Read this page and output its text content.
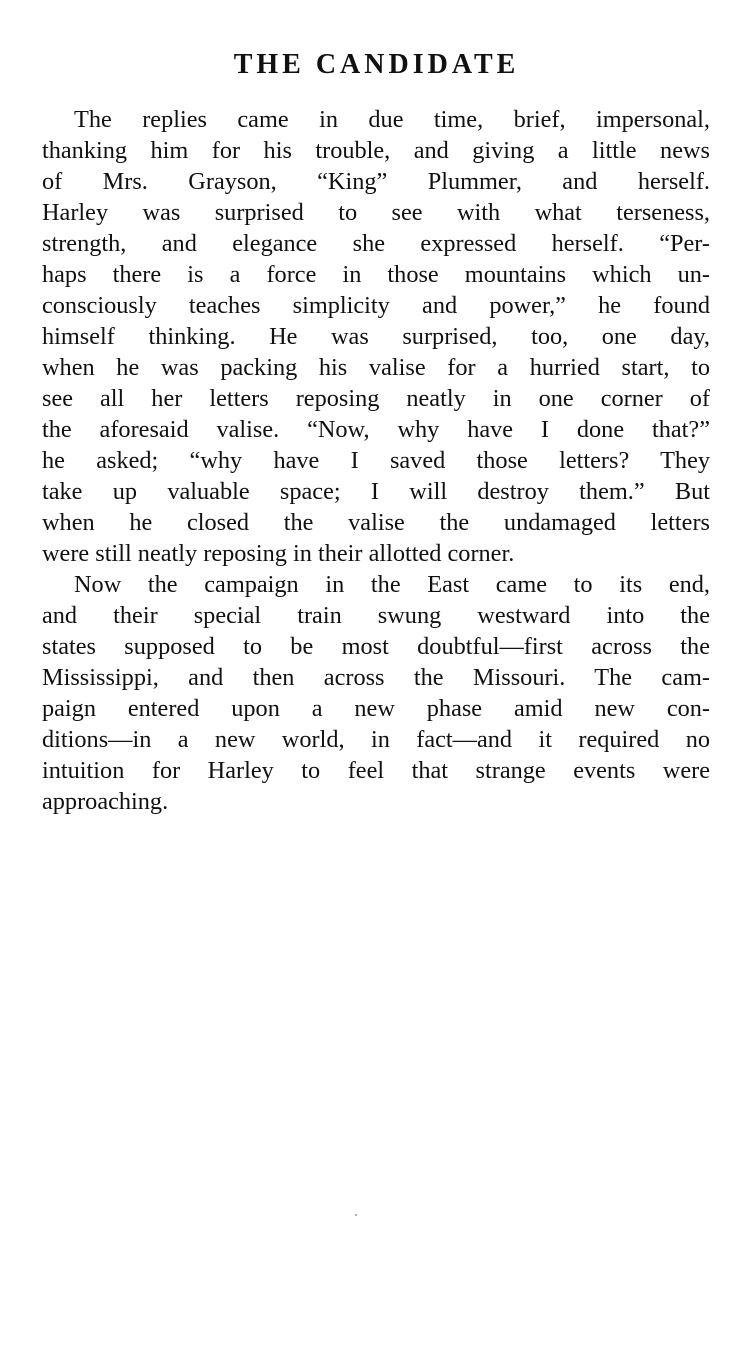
THE CANDIDATE
The replies came in due time, brief, impersonal,
thanking him for his trouble, and giving a little news
of Mrs. Grayson, “King” Plummer, and herself.
Harley was surprised to see with what terseness,
strength, and elegance she expressed herself. “Per-
haps there is a force in those mountains which un-
consciously teaches simplicity and power,” he found
himself thinking. He was surprised, too, one day,
when he was packing his valise for a hurried start, to
see all her letters reposing neatly in one corner of
the aforesaid valise. “Now, why have I done that?”
he asked; “why have I saved those letters? They
take up valuable space; I will destroy them.” But
when he closed the valise the undamaged letters
were still neatly reposing in their allotted corner.
Now the campaign in the East came to its end,
and their special train swung westward into the
states supposed to be most doubtful—first across the
Mississippi, and then across the Missouri. The cam-
paign entered upon a new phase amid new con-
ditions—in a new world, in fact—and it required no
intuition for Harley to feel that strange events were
approaching.
